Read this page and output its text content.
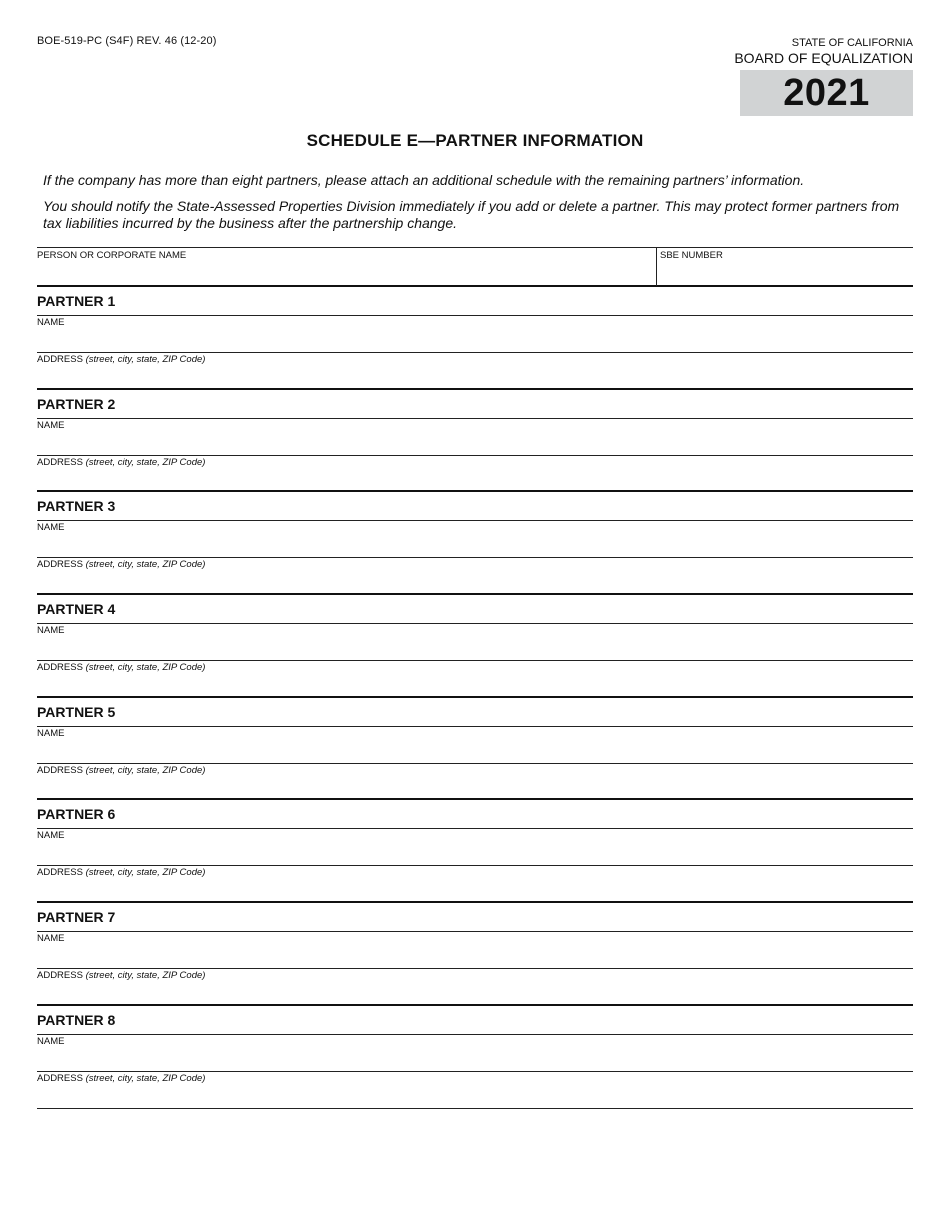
BOE-519-PC (S4F) REV. 46 (12-20)	STATE OF CALIFORNIA
BOARD OF EQUALIZATION
2021
SCHEDULE E—PARTNER INFORMATION
If the company has more than eight partners, please attach an additional schedule with the remaining partners’ information.
You should notify the State-Assessed Properties Division immediately if you add or delete a partner. This may protect former partners from tax liabilities incurred by the business after the partnership change.
PERSON OR CORPORATE NAME	SBE NUMBER
PARTNER 1
NAME
ADDRESS (street, city, state, ZIP Code)
PARTNER 2
NAME
ADDRESS (street, city, state, ZIP Code)
PARTNER 3
NAME
ADDRESS (street, city, state, ZIP Code)
PARTNER 4
NAME
ADDRESS (street, city, state, ZIP Code)
PARTNER 5
NAME
ADDRESS (street, city, state, ZIP Code)
PARTNER 6
NAME
ADDRESS (street, city, state, ZIP Code)
PARTNER 7
NAME
ADDRESS (street, city, state, ZIP Code)
PARTNER 8
NAME
ADDRESS (street, city, state, ZIP Code)
